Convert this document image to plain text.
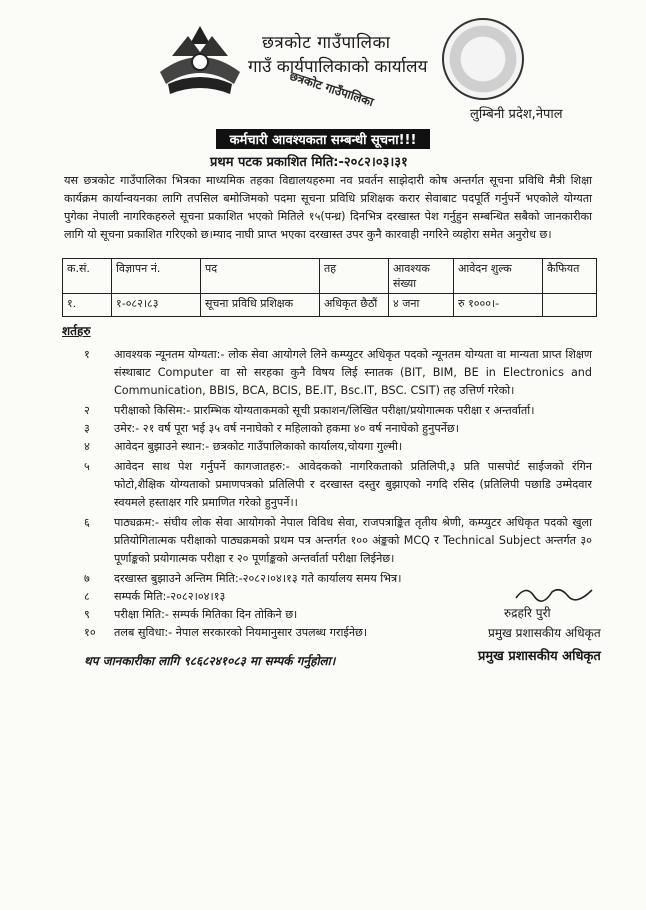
छत्रकोट गाउँपालिका
गाउँ कार्यपालिकाको कार्यालय
छत्रकोट गाउँपालिका
लुम्बिनी प्रदेश,नेपाल
कर्मचारी आवश्यकता सम्बन्धी सूचना!!!
प्रथम पटक प्रकाशित मिति:-२०८२।०३।३१
यस छत्रकोट गाउँपालिका भित्रका माध्यमिक तहका विद्यालयहरुमा नव प्रवर्तन साझेदारी कोष अन्तर्गत सूचना प्रविधि मैत्री शिक्षा कार्यक्रम कार्यान्वयनका लागि तपसिल बमोजिमको पदमा सूचना प्रविधि प्रशिक्षक करार सेवाबाट पदपूर्ति गर्नुपर्ने भएकोले योग्यता पुगेका नेपाली नागरिकहरुले सूचना प्रकाशित भएको मितिले १५(पन्ध्र) दिनभित्र दरखास्त पेश गर्नुहुन सम्बन्धित सबैको जानकारीका लागि यो सूचना प्रकाशित गरिएको छ।म्याद नाघी प्राप्त भएका दरखास्त उपर कुनै कारवाही नगरिने व्यहोरा समेत अनुरोध छ।
क.सं.	विज्ञापन नं.	पद	तह	आवश्यक संख्या	आवेदन शुल्क	कैफियत
१.	१-०८२।८३	सूचना प्रविधि प्रशिक्षक	अधिकृत छैठौं	४ जना	रु १०००।-	
शर्तहरु
१	आवश्यक न्यूनतम योग्यता:- लोक सेवा आयोगले लिने कम्प्युटर अधिकृत पदको न्यूनतम योग्यता वा मान्यता प्राप्त शिक्षण संस्थाबाट Computer वा सो सरहका कुनै विषय लिई स्नातक (BIT, BIM, BE in Electronics and Communication, BBIS, BCA, BCIS, BE.IT, Bsc.IT, BSC. CSIT) तह उत्तिर्ण गरेको।
२	परीक्षाको किसिम:- प्रारम्भिक योग्यताकमको सूची प्रकाशन/लिखित परीक्षा/प्रयोगात्मक परीक्षा र अन्तर्वार्ता।
३	उमेर:- २१ वर्ष पूरा भई ३५ वर्ष ननाघेको र महिलाको हकमा ४० वर्ष ननाघेको हुनुपर्नेछ।
४	आवेदन बुझाउने स्थान:- छत्रकोट गाउँपालिकाको कार्यालय,चोयगा गुल्मी।
५	आवेदन साथ पेश गर्नुपर्ने कागजातहरु:- आवेदकको नागरिकताको प्रतिलिपी,३ प्रति पासपोर्ट साईजको रंगिन फोटो,शैक्षिक योग्यताको प्रमाणपत्रको प्रतिलिपी र दरखास्त दस्तुर बुझाएको नगदि रसिद (प्रतिलिपी पछाडि उम्मेदवार स्वयमले हस्ताक्षर गरि प्रमाणित गरेको हुनुपर्ने।।
६	पाठ्यक्रम:- संघीय लोक सेवा आयोगको नेपाल विविध सेवा, राजपत्राङ्कित तृतीय श्रेणी, कम्प्युटर अधिकृत पदको खुला प्रतियोगितात्मक परीक्षाको पाठ्यक्रमको प्रथम पत्र अन्तर्गत १०० अंङ्कको MCQ र Technical Subject अन्तर्गत ३० पूर्णाङ्कको प्रयोगात्मक परीक्षा र २० पूर्णाङ्कको अन्तर्वार्ता परीक्षा लिईनेछ।
७	दरखास्त बुझाउने अन्तिम मिति:-२०८२।०४।१३ गते कार्यालय समय भित्र।
८	सम्पर्क मिति:-२०८२।०४।१३
९	परीक्षा मिति:- सम्पर्क मितिका दिन तोकिने छ।
१०	तलब सुविधा:- नेपाल सरकारको नियमानुसार उपलब्ध गराईनेछ।
थप जानकारीका लागि ९८६८२४१०८३ मा सम्पर्क गर्नुहोला।
रुद्रहरि पुरी
प्रमुख प्रशासकीय अधिकृत
प्रमुख प्रशासकीय अधिकृत
